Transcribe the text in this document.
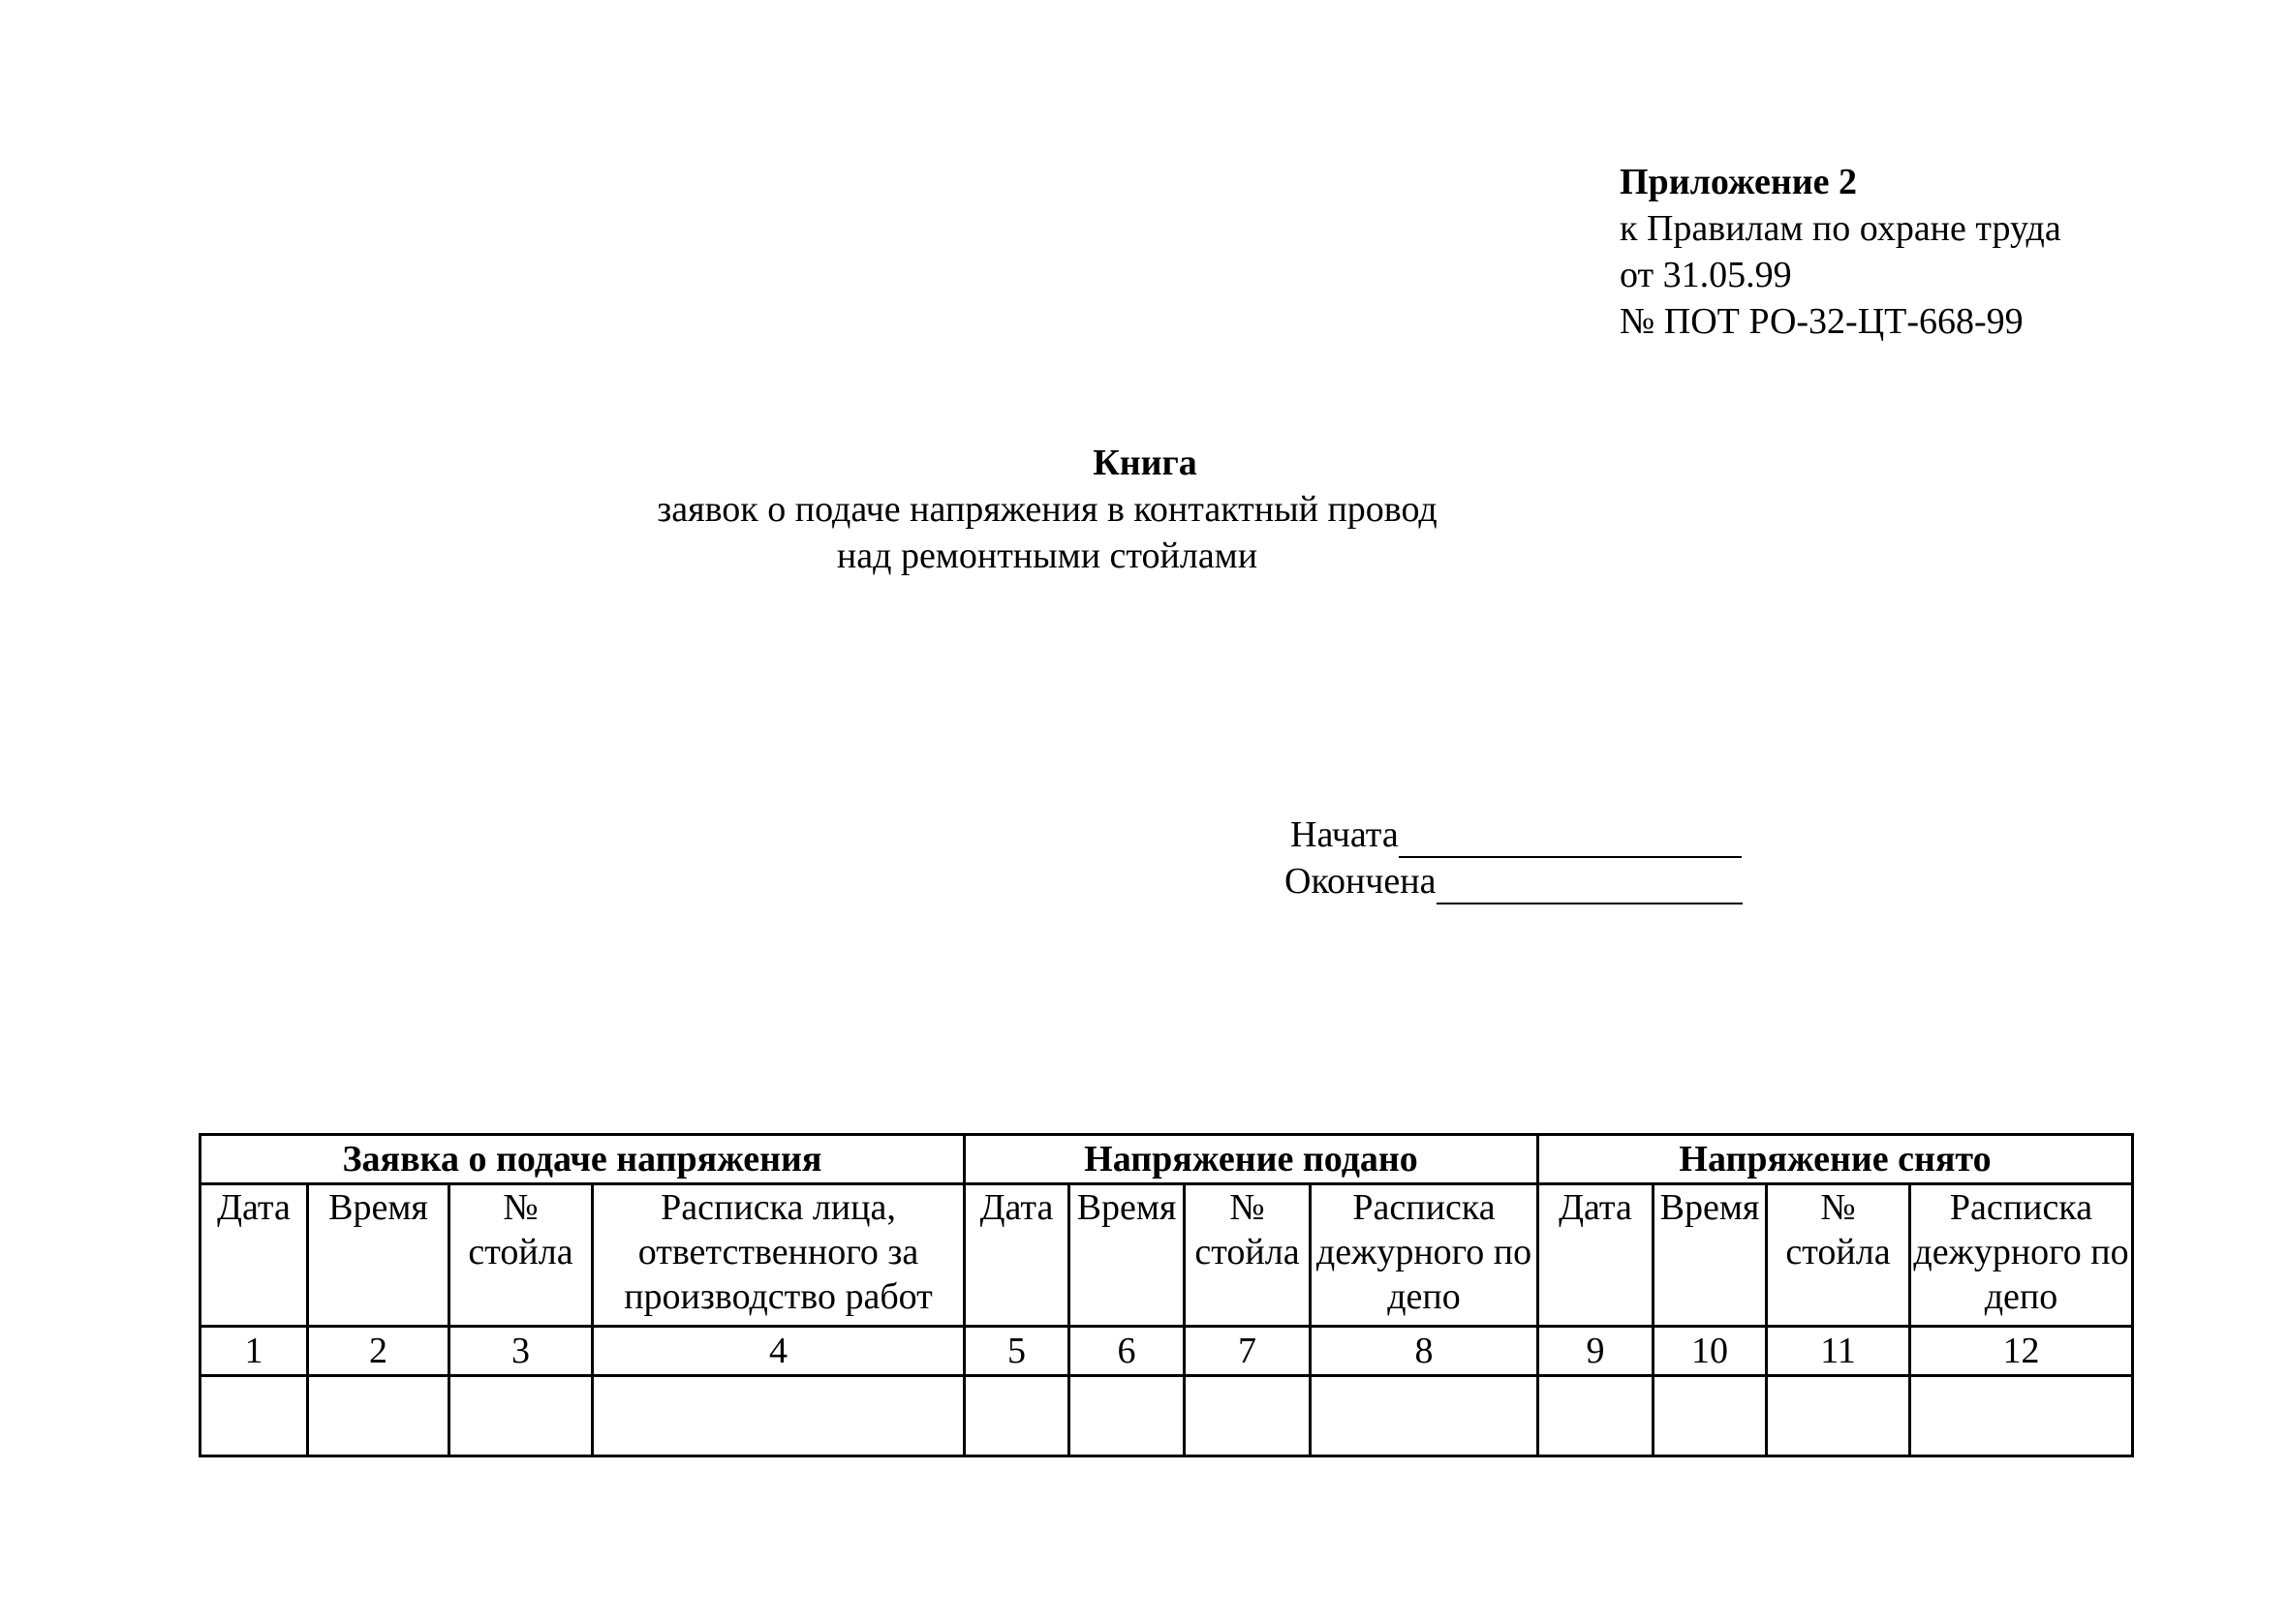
Приложение 2
к Правилам по охране труда
от 31.05.99
№ ПОТ РО-32-ЦТ-668-99
Книга
заявок о подаче напряжения в контактный провод
над ремонтными стойлами
Начата
Окончена
Заявка о подаче напряжения				Напряжение подано				Напряжение снято			
Дата	Время	№ стойла	Расписка лица, ответственного за производство работ	Дата	Время	№ стойла	Расписка дежурного по депо	Дата	Время	№ стойла	Расписка дежурного по депо
1	2	3	4	5	6	7	8	9	10	11	12
